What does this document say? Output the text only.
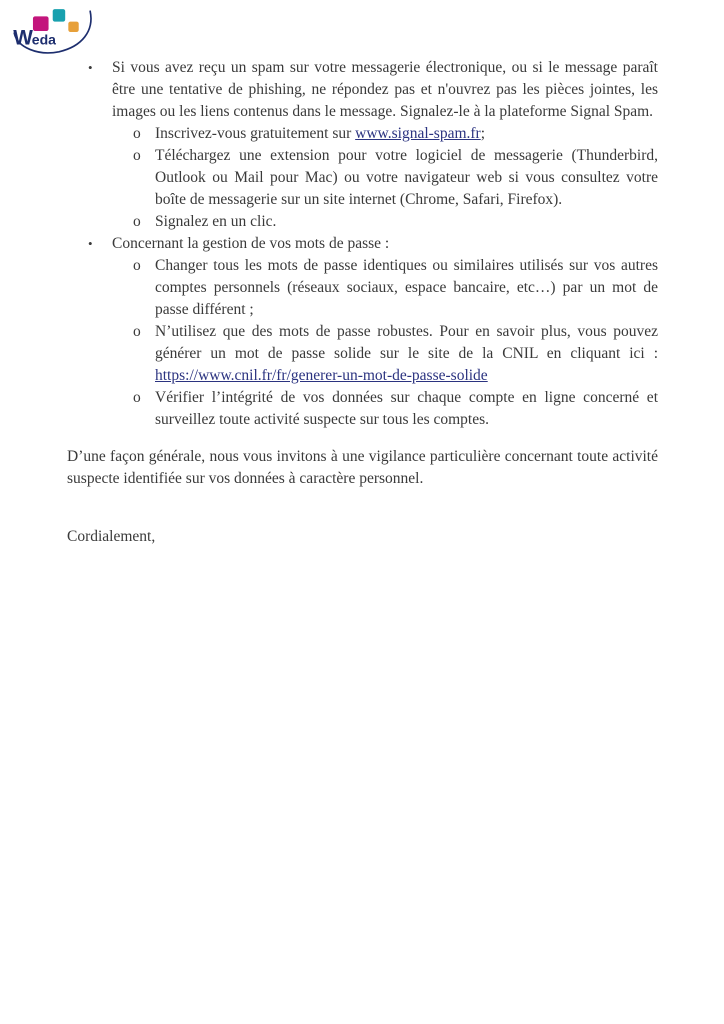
Weda
•	Si vous avez reçu un spam sur votre messagerie électronique, ou si le message paraît être une tentative de phishing, ne répondez pas et n'ouvrez pas les pièces jointes, les images ou les liens contenus dans le message. Signalez-le à la plateforme Signal Spam.
o Inscrivez-vous gratuitement sur www.signal-spam.fr;
o Téléchargez une extension pour votre logiciel de messagerie (Thunderbird, Outlook ou Mail pour Mac) ou votre navigateur web si vous consultez votre boîte de messagerie sur un site internet (Chrome, Safari, Firefox).
o Signalez en un clic.
•	Concernant la gestion de vos mots de passe :
o Changer tous les mots de passe identiques ou similaires utilisés sur vos autres comptes personnels (réseaux sociaux, espace bancaire, etc…) par un mot de passe différent ;
o N’utilisez que des mots de passe robustes. Pour en savoir plus, vous pouvez générer un mot de passe solide sur le site de la CNIL en cliquant ici : https://www.cnil.fr/fr/generer-un-mot-de-passe-solide
o Vérifier l’intégrité de vos données sur chaque compte en ligne concerné et surveillez toute activité suspecte sur tous les comptes.
D’une façon générale, nous vous invitons à une vigilance particulière concernant toute activité suspecte identifiée sur vos données à caractère personnel.
Cordialement,
